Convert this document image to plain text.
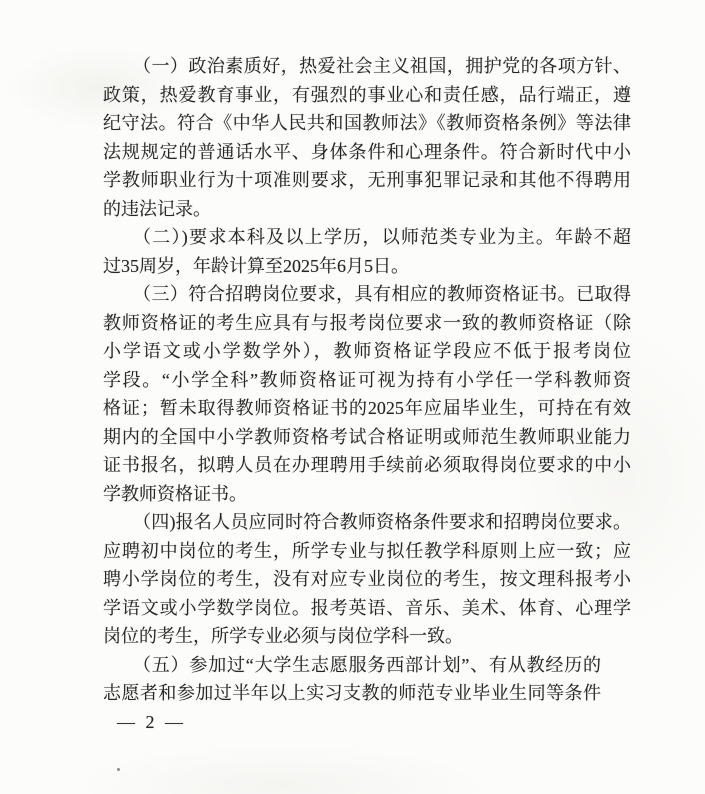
（一）政治素质好，热爱社会主义祖国，拥护党的各项方针、
政策，热爱教育事业，有强烈的事业心和责任感，品行端正，遵
纪守法。符合《中华人民共和国教师法》《教师资格条例》等法律
法规规定的普通话水平、身体条件和心理条件。符合新时代中小
学教师职业行为十项准则要求，无刑事犯罪记录和其他不得聘用
的违法记录。
（二）)要求本科及以上学历，以师范类专业为主。年龄不超
过35周岁，年龄计算至2025年6月5日。
（三）符合招聘岗位要求，具有相应的教师资格证书。已取得
教师资格证的考生应具有与报考岗位要求一致的教师资格证（除
小学语文或小学数学外），教师资格证学段应不低于报考岗位
学段。“小学全科”教师资格证可视为持有小学任一学科教师资
格证；暂未取得教师资格证书的2025年应届毕业生，可持在有效
期内的全国中小学教师资格考试合格证明或师范生教师职业能力
证书报名，拟聘人员在办理聘用手续前必须取得岗位要求的中小
学教师资格证书。
（四)报名人员应同时符合教师资格条件要求和招聘岗位要求。
应聘初中岗位的考生，所学专业与拟任教学科原则上应一致；应
聘小学岗位的考生，没有对应专业岗位的考生，按文理科报考小
学语文或小学数学岗位。报考英语、音乐、美术、体育、心理学
岗位的考生，所学专业必须与岗位学科一致。
（五）参加过“大学生志愿服务西部计划”、有从教经历的
志愿者和参加过半年以上实习支教的师范专业毕业生同等条件
— 2 —
